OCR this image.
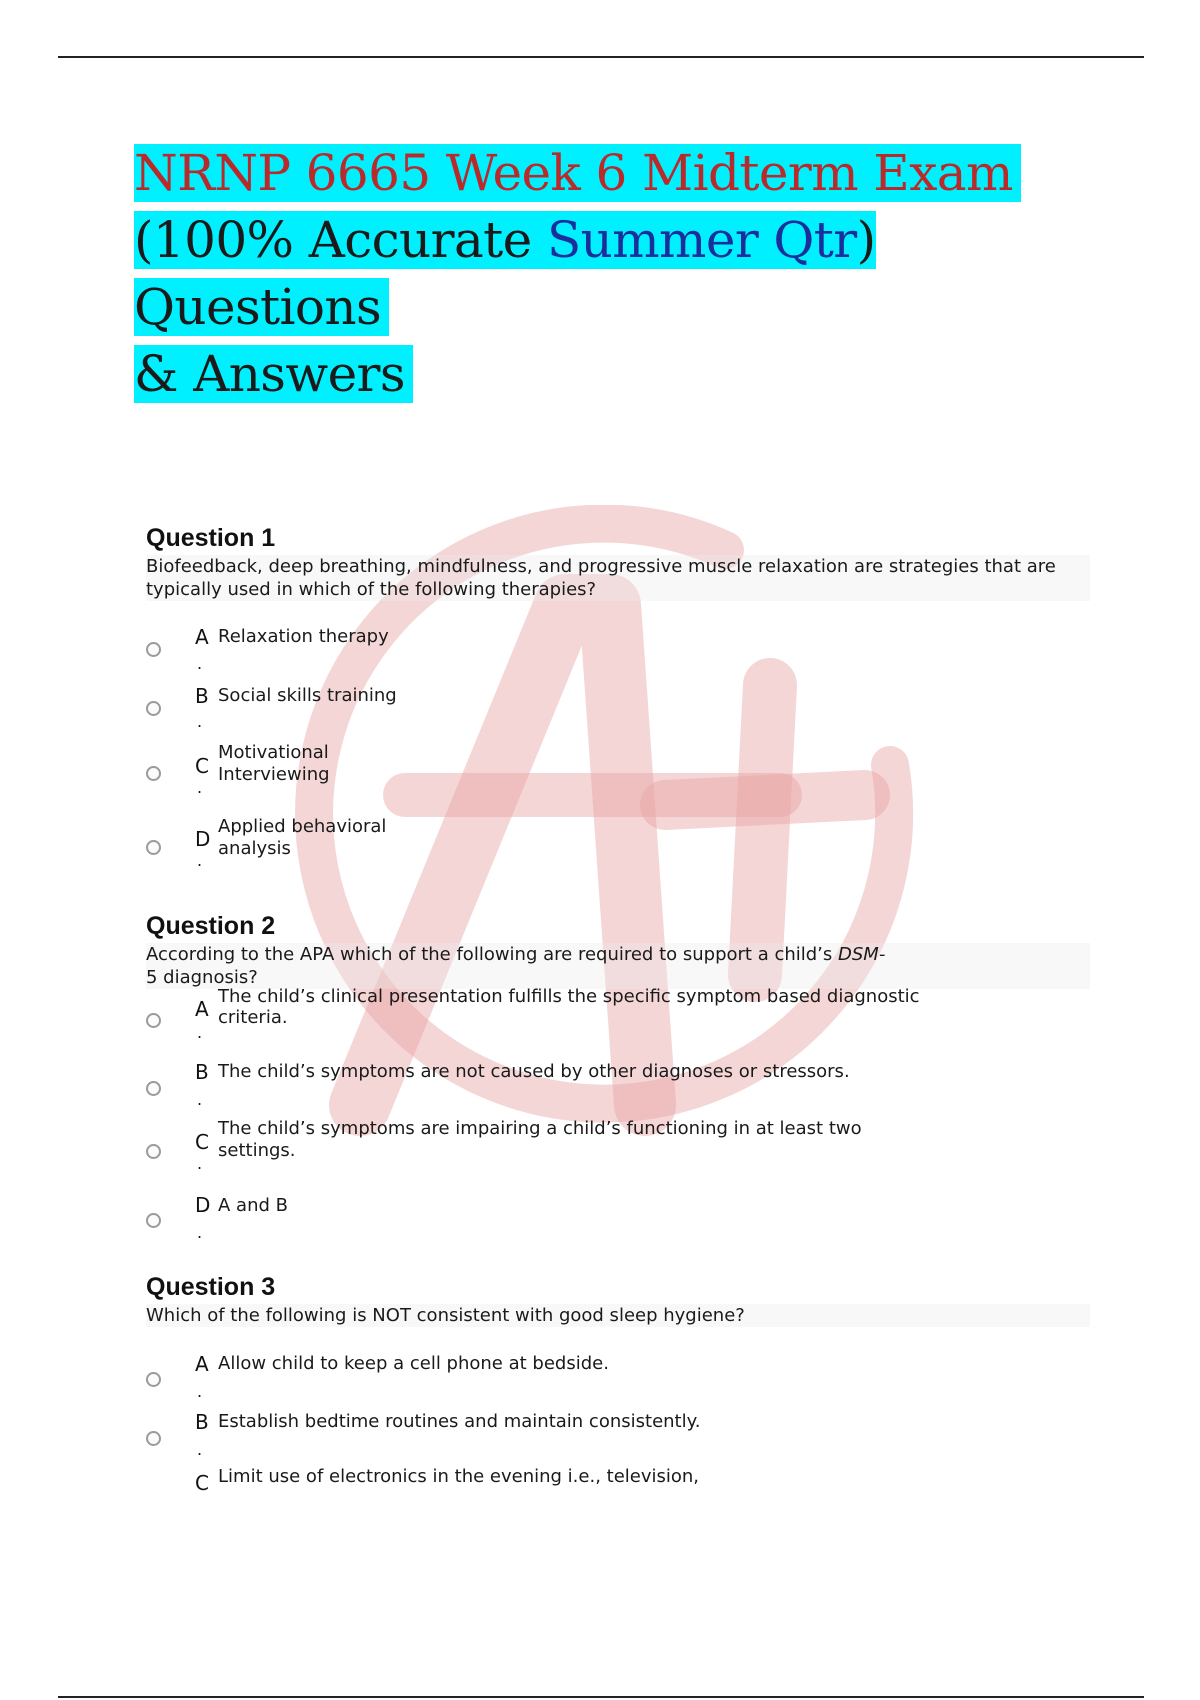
NRNP 6665 Week 6 Midterm Exam
(100% Accurate Summer Qtr) Questions
& Answers
Question 1

Biofeedback, deep breathing, mindfulness, and progressive muscle relaxation are strategies that are typically used in which of the following therapies?

A
.
Relaxation therapy
B
.
Social skills training
C
.
Motivational Interviewing
D
.
Applied behavioral analysis
Question 2

According to the APA which of the following are required to support a child’s DSM-
5 diagnosis?

A
.
The child’s clinical presentation fulfills the specific symptom based diagnostic criteria.
B
.
The child’s symptoms are not caused by other diagnoses or stressors.
C
.
The child’s symptoms are impairing a child’s functioning in at least two settings.
D
.
A and B
Question 3

Which of the following is NOT consistent with good sleep hygiene?

A
.
Allow child to keep a cell phone at bedside.
B
.
Establish bedtime routines and maintain consistently.
C Limit use of electronics in the evening i.e., television,
